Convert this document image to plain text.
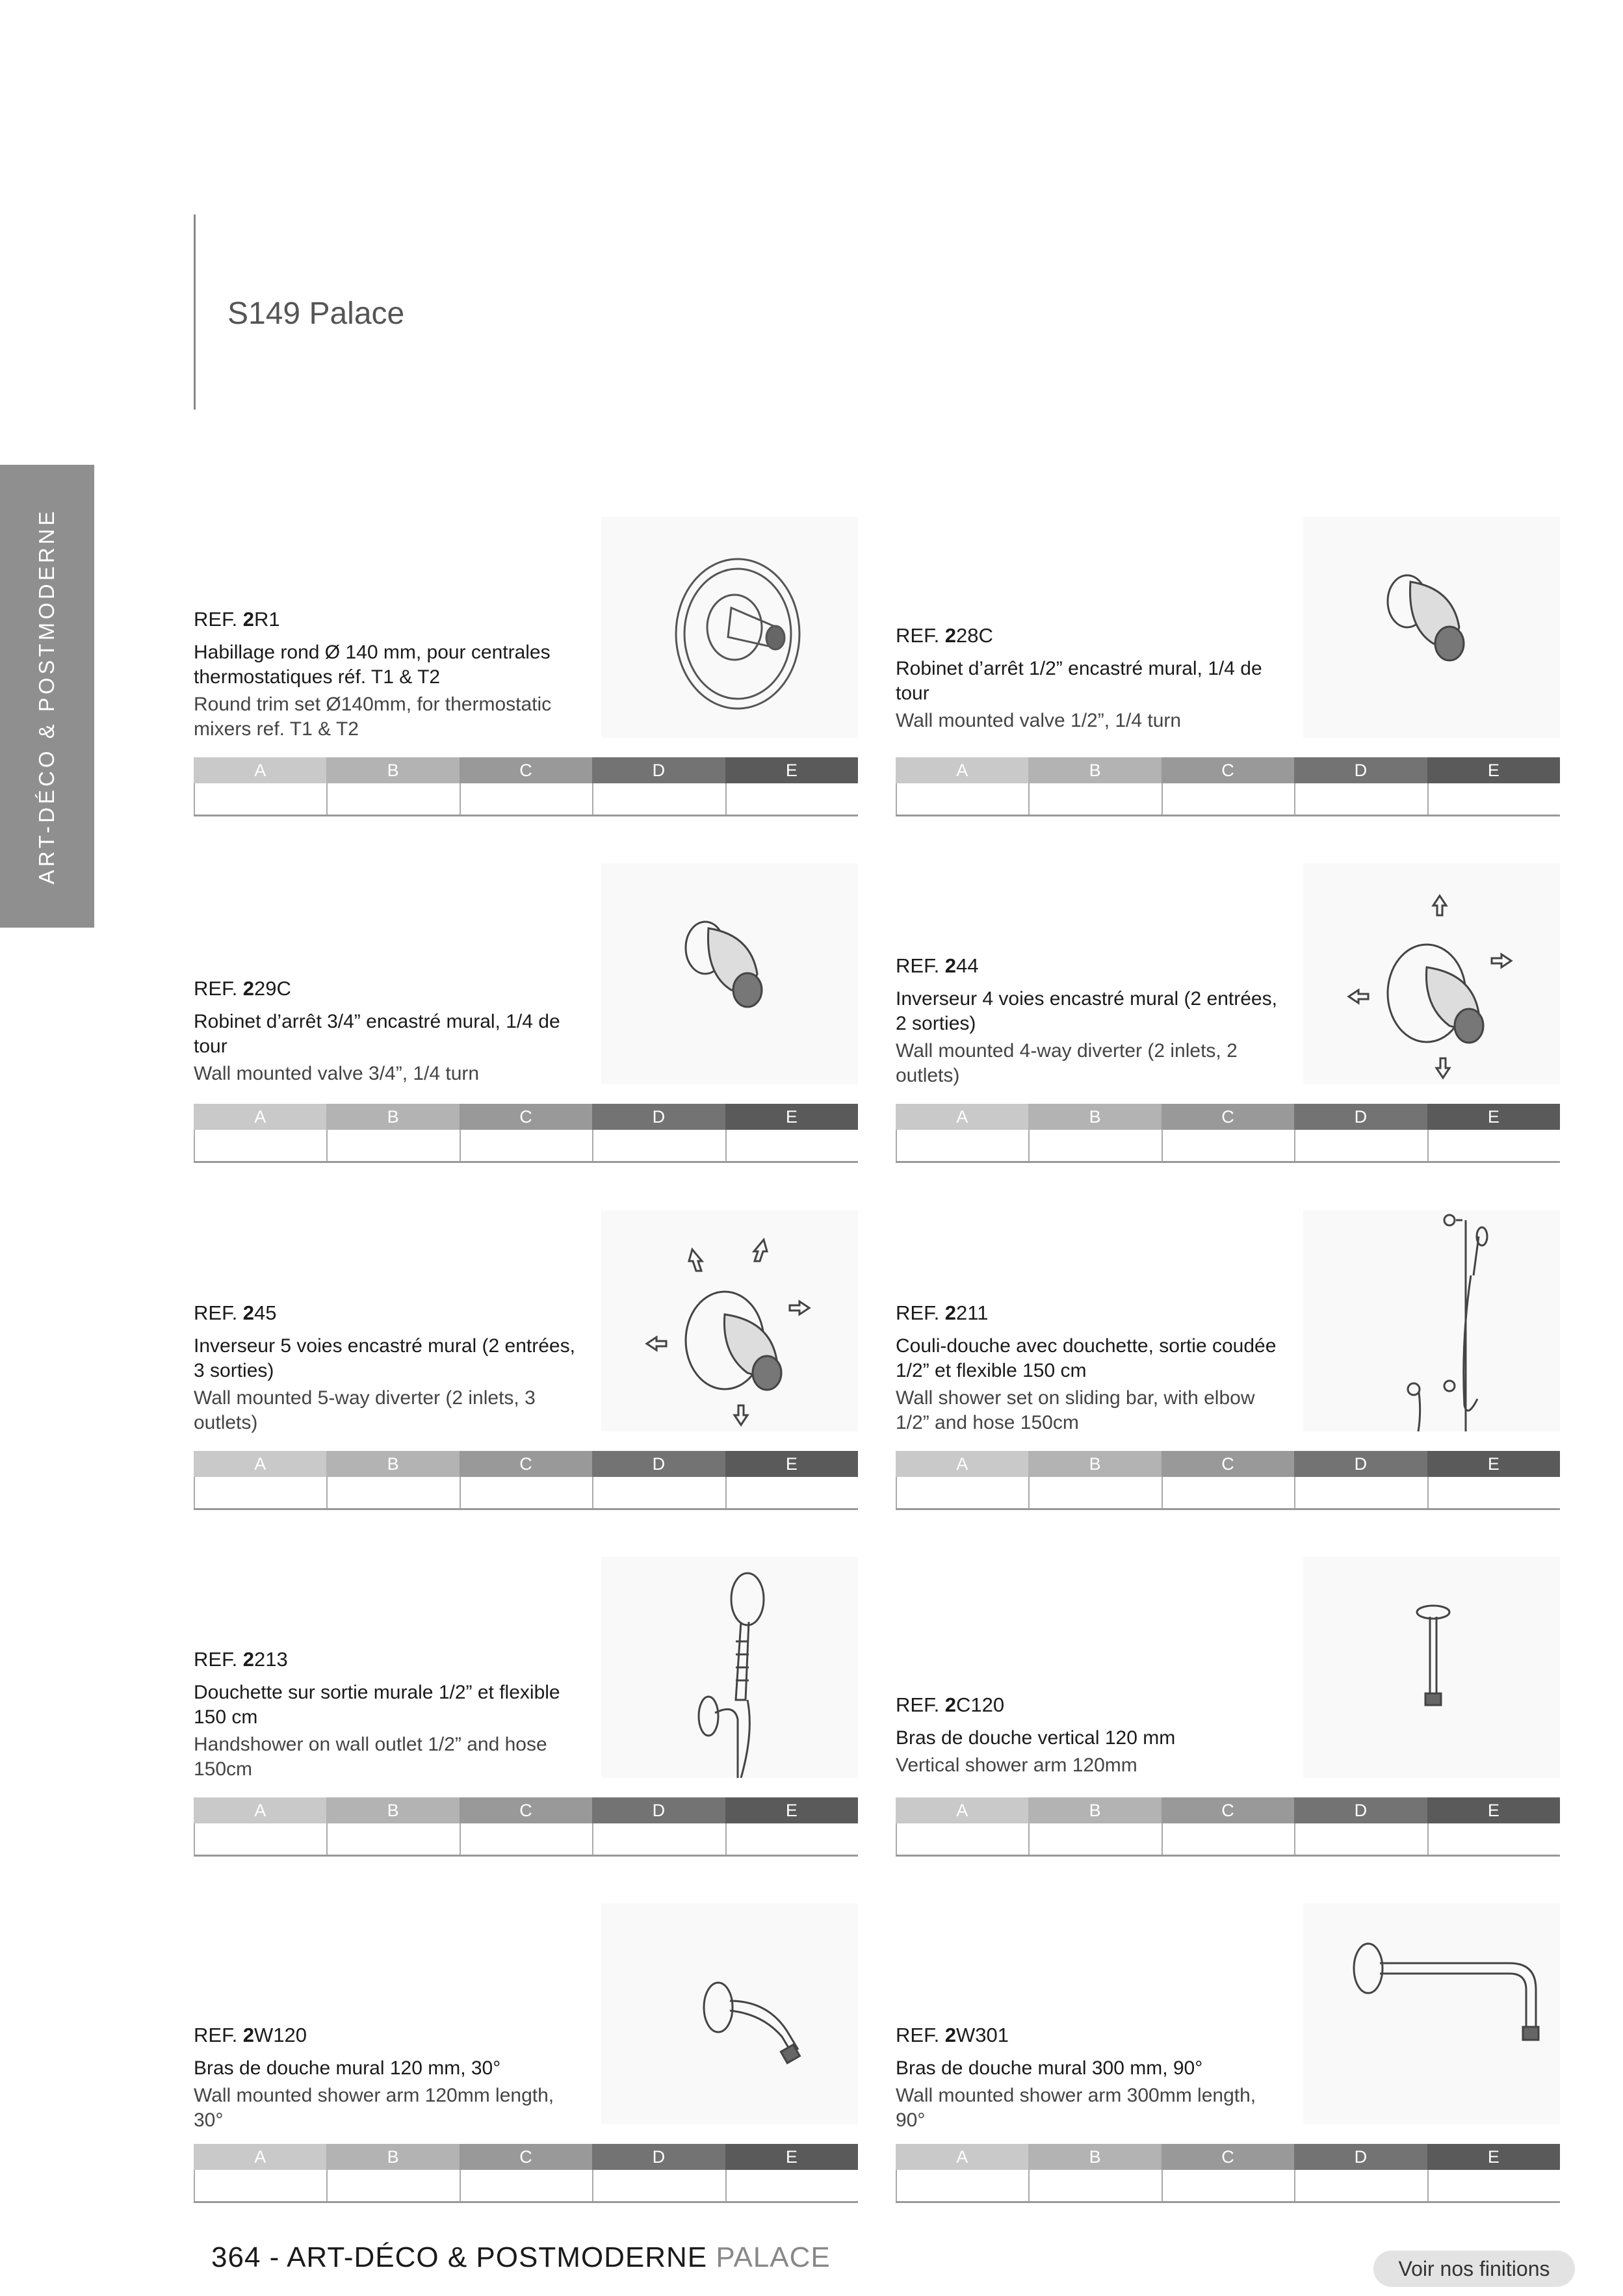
S149 Palace
ART-DÉCO & POSTMODERNE	REF. 2R1
Habillage rond Ø 140 mm, pour centrales thermostatiques réf. T1 & T2
Round trim set Ø140mm, for thermostatic mixers ref. T1 & T2
A	B	C	D	E
REF. 228C
Robinet d’arrêt 1/2” encastré mural, 1/4 de tour
Wall mounted valve 1/2”, 1/4 turn
A	B	C	D	E
REF. 229C
Robinet d’arrêt 3/4” encastré mural, 1/4 de tour
Wall mounted valve 3/4”, 1/4 turn
A	B	C	D	E
REF. 244
Inverseur 4 voies encastré mural (2 entrées, 2 sorties)
Wall mounted 4-way diverter (2 inlets, 2 outlets)
A	B	C	D	E
REF. 245
Inverseur 5 voies encastré mural (2 entrées, 3 sorties)
Wall mounted 5-way diverter (2 inlets, 3 outlets)
A	B	C	D	E
REF. 2211
Couli-douche avec douchette, sortie coudée 1/2” et flexible 150 cm
Wall shower set on sliding bar, with elbow 1/2” and hose 150cm
A	B	C	D	E
REF. 2213
Douchette sur sortie murale 1/2” et flexible 150 cm
Handshower on wall outlet 1/2” and hose 150cm
A	B	C	D	E
REF. 2C120
Bras de douche vertical 120 mm
Vertical shower arm 120mm
A	B	C	D	E
REF. 2W120
Bras de douche mural 120 mm, 30°
Wall mounted shower arm 120mm length, 30°
A	B	C	D	E
REF. 2W301
Bras de douche mural 300 mm, 90°
Wall mounted shower arm 300mm length, 90°
A	B	C	D	E
364 - ART-DÉCO & POSTMODERNE PALACE	Voir nos finitions
